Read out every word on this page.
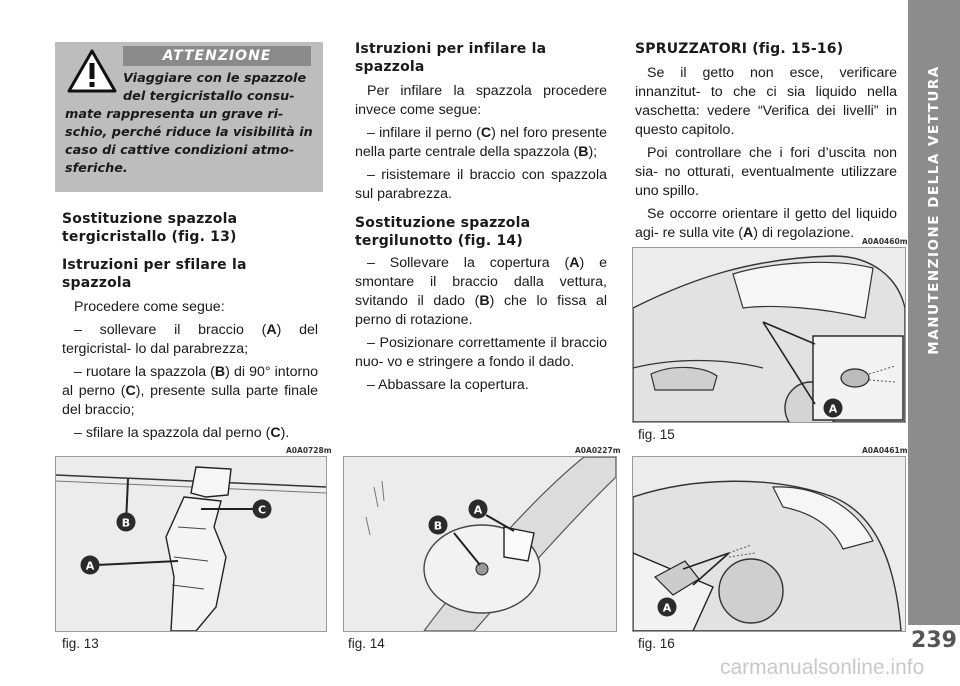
MANUTENZIONE DELLA VETTURA
239
ATTENZIONE
Viaggiare con le spazzole
del tergicristallo consu-
mate rappresenta un grave ri-
schio, perché riduce la visibilità in
caso di cattive condizioni atmo-
sferiche.
Sostituzione spazzola
tergicristallo (fig. 13)
Istruzioni per sfilare la spazzola
Procedere come segue:
– sollevare il braccio (A) del tergicristal- lo dal parabrezza;
– ruotare la spazzola (B) di 90° intorno al perno (C), presente sulla parte finale del braccio;
– sfilare la spazzola dal perno (C).
Istruzioni per infilare la spazzola
Per infilare la spazzola procedere invece come segue:
– infilare il perno (C) nel foro presente nella parte centrale della spazzola (B);
– risistemare il braccio con spazzola sul parabrezza.
Sostituzione spazzola
tergilunotto (fig. 14)
– Sollevare la copertura (A) e smontare il braccio dalla vettura, svitando il dado (B) che lo fissa al perno di rotazione.
– Posizionare correttamente il braccio nuo- vo e stringere a fondo il dado.
– Abbassare la copertura.
SPRUZZATORI (fig. 15-16)
Se il getto non esce, verificare innanzitut- to che ci sia liquido nella vaschetta: vedere “Verifica dei livelli” in questo capitolo.
Poi controllare che i fori d’uscita non sia- no otturati, eventualmente utilizzare uno spillo.
Se occorre orientare il getto del liquido agi- re sulla vite (A) di regolazione.
A0A0728m
B
C
A
fig. 13
A0A0227m
A
B
fig. 14
A0A0460m
A
fig. 15
A0A0461m
A
fig. 16
carmanualsonline.info
